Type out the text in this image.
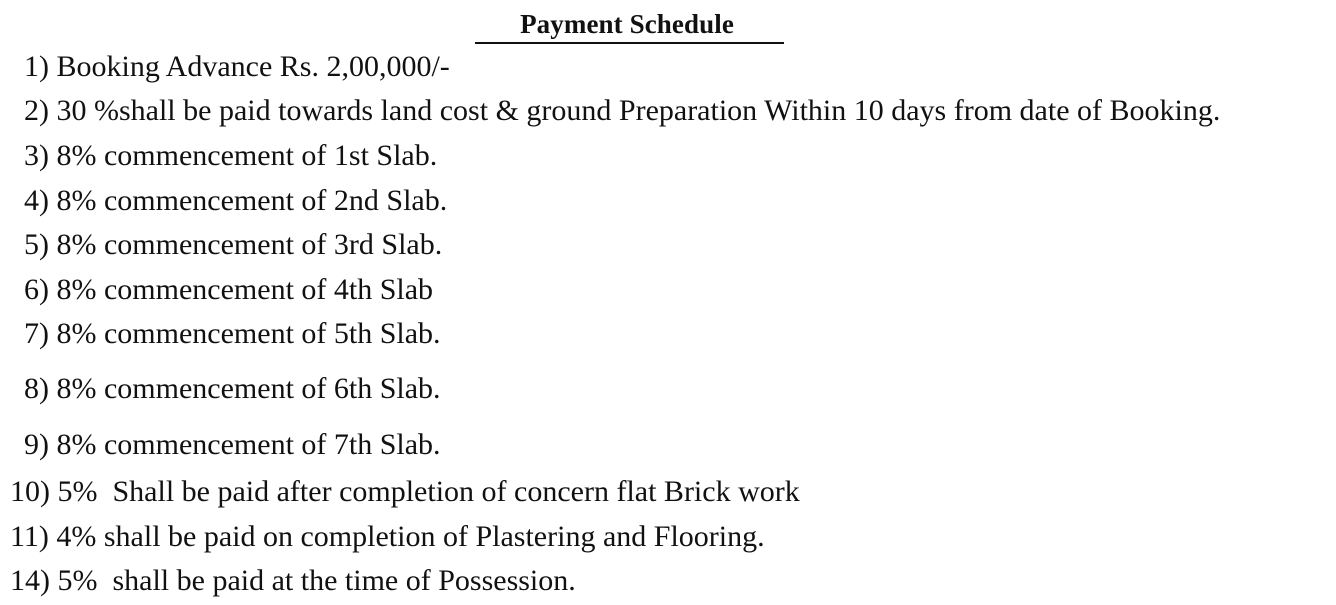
Payment Schedule
1) Booking Advance Rs. 2,00,000/-
2) 30 %shall be paid towards land cost & ground Preparation Within 10 days from date of Booking.
3) 8% commencement of 1st Slab.
4) 8% commencement of 2nd Slab.
5) 8% commencement of 3rd Slab.
6) 8% commencement of 4th Slab
7) 8% commencement of 5th Slab.
8) 8% commencement of 6th Slab.
9) 8% commencement of 7th Slab.
10) 5%  Shall be paid after completion of concern flat Brick work
11) 4% shall be paid on completion of Plastering and Flooring.
14) 5%  shall be paid at the time of Possession.
